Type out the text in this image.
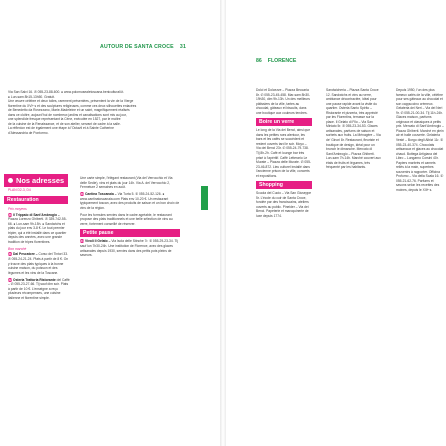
AUTOUR DE SANTA CROCE 31
Via San Salvi 16. ✆ 055-23-88-600. ● www.polomusealetoscana.beniculturali.it.
● Lun-sam 8h15-13h50. Gratuit.
Une œuvre célèbre et deux toiles, rarement présentées, présentent la vie de la Vierge
florentine du XVIᵉ s et des sculptures religieuses, comme ces deux silhouettes enlacées
de Benedetto da Rovezzano, Marie-Madeleine et un saint, magnifiquement réalisés
dans ce cloître, aujourd’hui de nombreux jardins et canalisations sont mis au jour,
une splendide fresque représentant la Cène, exécutée en 1527, par le maître
de la cuisine de la Renaissance, et de son atelier, servant de cadre à la salle.
La réflexion est de également une étape à l’Octavil et à Sainte Catherine
d’Alessandria de Pontormo.
Nos adresses
PLAN D2-3, D4
Restauration
Prix moyens

20Il Trippaio di Sant’Ambrogio – Piazza Lorenzo Ghiberti. ✆ 339-742-55-66. ● Lun-sam 9h-15h. ● Sandwichs et plats du jour env 3-8 €. Le tout premier tripier, qui a été installé dans ce quartier depuis des années, avec une grande tradition de tripes florentines.

Bon marché

21Dal Pescatore – Corso dei Tintori 33. ✆ 055-24-21-24. Plats à partir de 8 €. On y trouve des plats typiques à la bonne cuisine maison, du poisson et des légumes et les vins de la Toscane.

22Osteria Trattoria Ristorante del Caffè – ✆ 055-23-27-66. Tlj sauf dim soir. Plats à partir de 10 €. L’enseigne a reçu plusieurs récompenses, une cuisine italienne et florentine simple.

Une carte simple, l’élégant restaurant (Via del Verrocchio et Via delle Sedie), vins et plats du jour 14h. Via A. del Verrocchio 2, Fermeture 2 semaines en août.

23Cantina Toscanaia – Via Turta 5. ✆ 055-24-52-126. ● www.cantinatoscanaia.com Plats env 10-20 €. Un restaurant typiquement toscan, avec des produits de saison et un bon choix de vins de la région.

Pour les formules servies dans le cadre agréable, le restaurant propose des plats traditionnels et une belle sélection de vins au verre, fortement conseillé de réserver.

Petite pause

24Vivoli Il Gelato – Via Isola delle Stinche 7r. ✆ 055-29-23-34. Tlj sauf lun 7h30-24h. Une institution de Florence, avec des glaces artisanales depuis 1930, servies dans des petits pots pleins de saveurs.

86 FLORENCE

Dolci et Dolcezze – Piazza Beccaria 8r. ✆ 055-23-45-458. Mar-sam 8h30-19h30, dim 9h-13h. Un des meilleurs pâtissiers de la ville, tartes au chocolat, gâteaux et biscuits, dans une boutique aux couleurs tendres.

Boire un verre

Le long de la Via dei Benci, ainsi que dans les petites rues alentour, les bars et les cafés se succèdent et restent ouverts tard le soir. Moyo – Via dei Benci 23r. ✆ 055-24-79-738. Tlj 8h-2h. Café et lounge bar très prisé à l’apéritif. Caffè Letterario Le Murate – Piazza delle Murate. ✆ 055-23-46-872. Lieu culturel installé dans l’ancienne prison de la ville, concerts et expositions.

Shopping

Scuola del Cuoio – Via San Giuseppe 5r. L’école du cuir de Santa Croce, fondée par des franciscains, ateliers ouverts au public. Pineider – Via dei Benci. Papeterie et maroquinerie de luxe depuis 1774.

Sandwicheria – Piazza Santa Croce 12. Sandwichs et vins au verre, ambiance décontractée, idéal pour une pause rapide avant la visite du quartier. Osteria Santo Spirito – Ristorante et pizzeria, très apprécié par les Florentins, terrasse sur la place. Il Gelato di Filo – Via San Miniato 5r. ✆ 055-23-34-53. Glaces artisanales, parfums de saison et sorbets aux fruits. La Ménagère – Via de’ Ginori 8r. Restaurant, fleuriste et boutique de design, idéal pour un brunch le dimanche. Mercato di Sant’Ambrogio – Piazza Ghiberti. Lun-sam 7h-14h. Marché couvert aux étals de fruits et légumes, très fréquenté par les habitants.

Depuis 1950, l’un des plus fameux cafés de la ville, célèbre pour ses gâteaux au chocolat et son cappuccino crémeux. Gelateria dei Neri – Via dei Neri 9r. ✆ 055-21-00-34. Tlj 11h-24h. Glaces maison, parfums originaux et classiques à petits prix. Mercato di Sant’Ambrogio – Piazza Ghiberti. Marché en plein air et halle couverte. Gelateria Vestri – Borgo degli Albizi 11r. ✆ 055-23-40-374. Chocolats artisanaux et glaces au chocolat chaud. Bottega Artigiana del Libro – Lungarno Corsini 40r. Papiers marbrés et carnets reliés à la main, superbes souvenirs à rapporter. Officina Profumo – Via della Scala 16. ✆ 055-21-62-76. Parfums et savons selon les recettes des moines, depuis le XIIIᵉ s.
